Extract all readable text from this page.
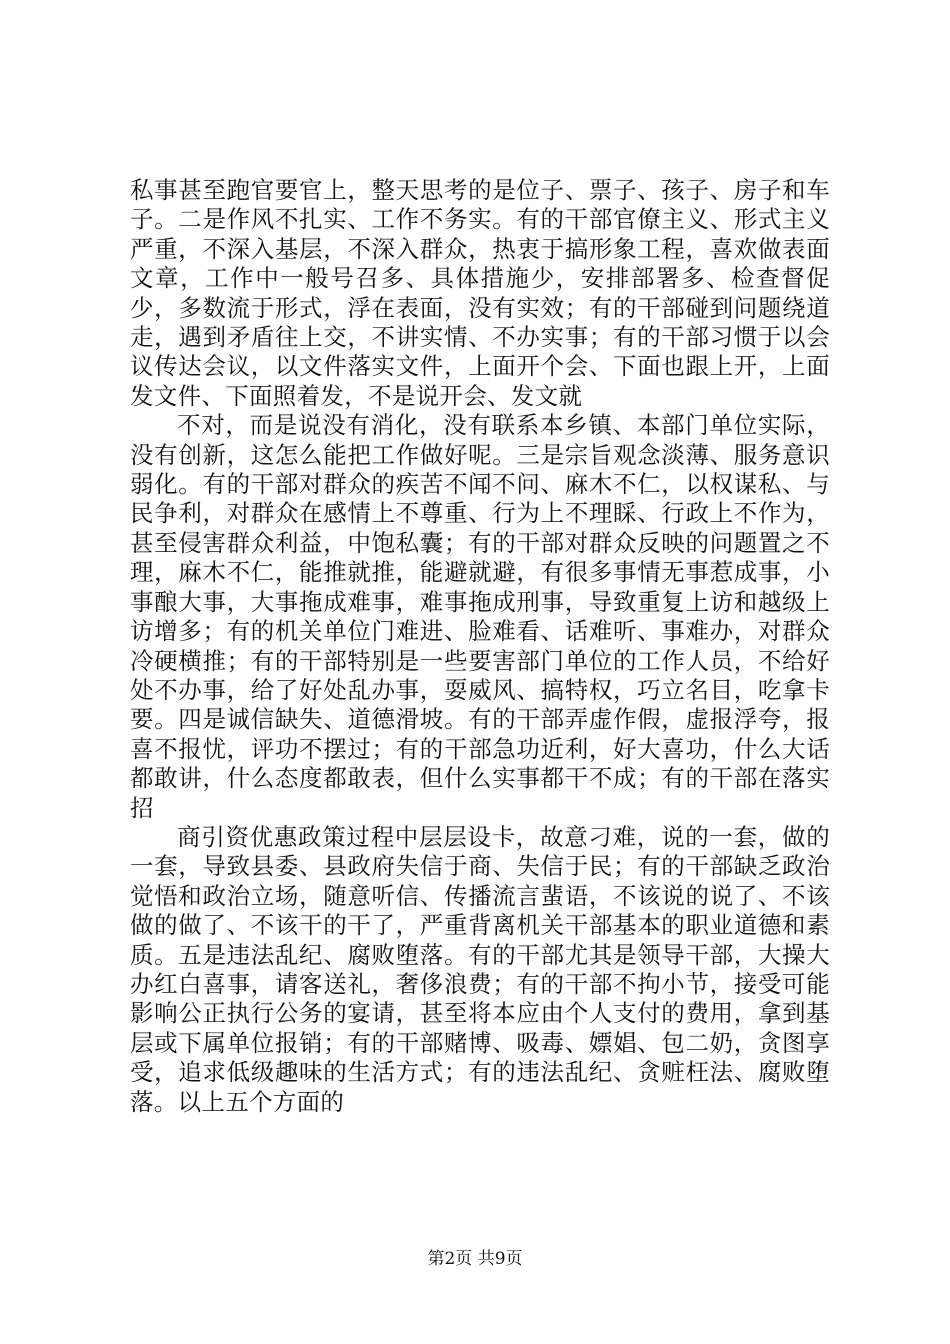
私事甚至跑官要官上，整天思考的是位子、票子、孩子、房子和车子。二是作风不扎实、工作不务实。有的干部官僚主义、形式主义严重，不深入基层，不深入群众，热衷于搞形象工程，喜欢做表面文章，工作中一般号召多、具体措施少，安排部署多、检查督促少，多数流于形式，浮在表面，没有实效；有的干部碰到问题绕道走，遇到矛盾往上交，不讲实情、不办实事；有的干部习惯于以会议传达会议，以文件落实文件，上面开个会、下面也跟上开，上面发文件、下面照着发，不是说开会、发文就

不对，而是说没有消化，没有联系本乡镇、本部门单位实际，没有创新，这怎么能把工作做好呢。三是宗旨观念淡薄、服务意识弱化。有的干部对群众的疾苦不闻不问、麻木不仁，以权谋私、与民争利，对群众在感情上不尊重、行为上不理睬、行政上不作为，甚至侵害群众利益，中饱私囊；有的干部对群众反映的问题置之不理，麻木不仁，能推就推，能避就避，有很多事情无事惹成事，小事酿大事，大事拖成难事，难事拖成刑事，导致重复上访和越级上访增多；有的机关单位门难进、脸难看、话难听、事难办，对群众冷硬横推；有的干部特别是一些要害部门单位的工作人员，不给好处不办事，给了好处乱办事，耍威风、搞特权，巧立名目，吃拿卡要。四是诚信缺失、道德滑坡。有的干部弄虚作假，虚报浮夸，报喜不报忧，评功不摆过；有的干部急功近利，好大喜功，什么大话都敢讲，什么态度都敢表，但什么实事都干不成；有的干部在落实招

商引资优惠政策过程中层层设卡，故意刁难，说的一套，做的一套，导致县委、县政府失信于商、失信于民；有的干部缺乏政治觉悟和政治立场，随意听信、传播流言蜚语，不该说的说了、不该做的做了、不该干的干了，严重背离机关干部基本的职业道德和素质。五是违法乱纪、腐败堕落。有的干部尤其是领导干部，大操大办红白喜事，请客送礼，奢侈浪费；有的干部不拘小节，接受可能影响公正执行公务的宴请，甚至将本应由个人支付的费用，拿到基层或下属单位报销；有的干部赌博、吸毒、嫖娼、包二奶，贪图享受，追求低级趣味的生活方式；有的违法乱纪、贪赃枉法、腐败堕落。以上五个方面的

第2页 共9页
